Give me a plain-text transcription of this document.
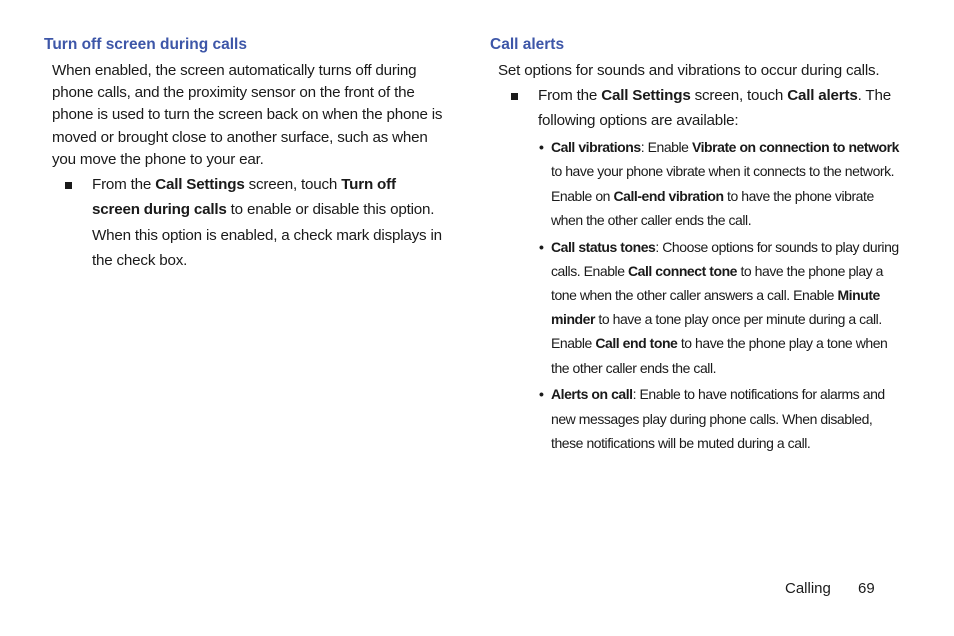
Turn off screen during calls

When enabled, the screen automatically turns off during phone calls, and the proximity sensor on the front of the phone is used to turn the screen back on when the phone is moved or brought close to another surface, such as when you move the phone to your ear.

From the Call Settings screen, touch Turn off screen during calls to enable or disable this option.

When this option is enabled, a check mark displays in the check box.

Call alerts

Set options for sounds and vibrations to occur during calls.

From the Call Settings screen, touch Call alerts. The following options are available:
• Call vibrations: Enable Vibrate on connection to network to have your phone vibrate when it connects to the network. Enable on Call-end vibration to have the phone vibrate when the other caller ends the call.
• Call status tones: Choose options for sounds to play during calls. Enable Call connect tone to have the phone play a tone when the other caller answers a call. Enable Minute minder to have a tone play once per minute during a call. Enable Call end tone to have the phone play a tone when the other caller ends the call.
• Alerts on call: Enable to have notifications for alarms and new messages play during phone calls. When disabled, these notifications will be muted during a call.
Calling 69
